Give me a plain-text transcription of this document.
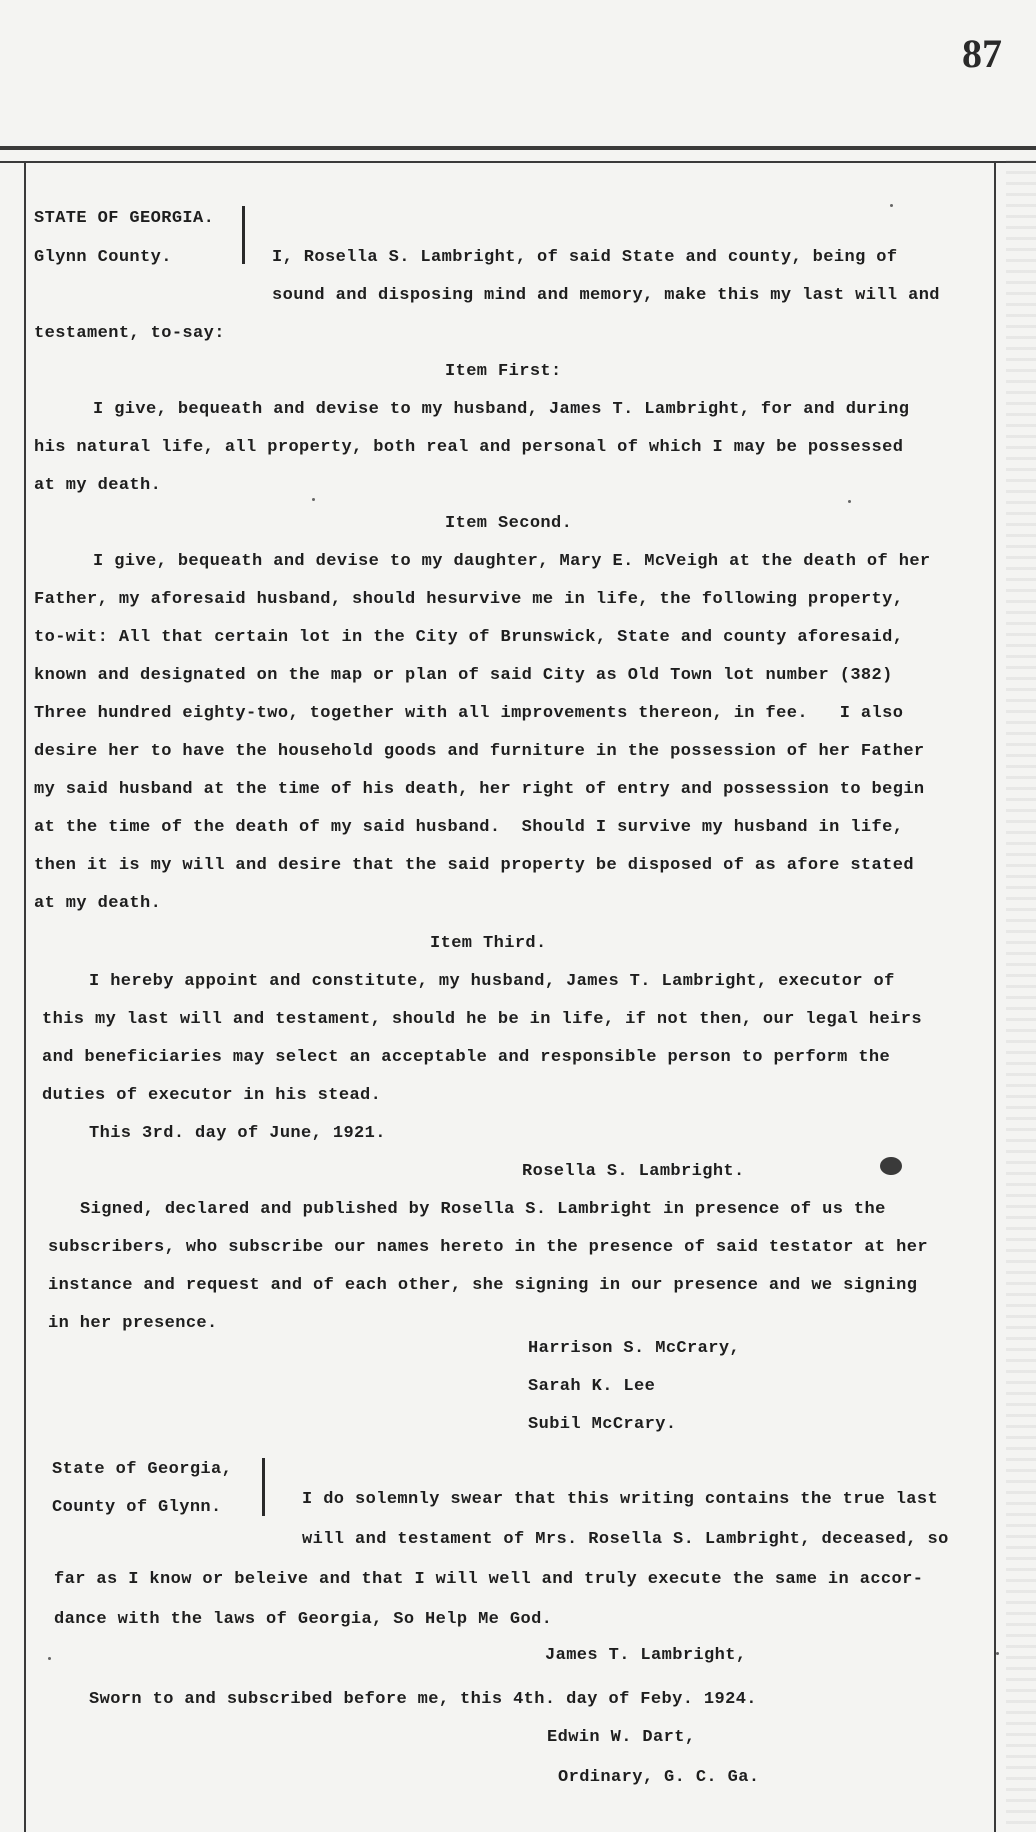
87
STATE OF GEORGIA.
Glynn County.	I, Rosella S. Lambright, of said State and county, being of
sound and disposing mind and memory, make this my last will and
testament, to-say:
Item First:
I give, bequeath and devise to my husband, James T. Lambright, for and during
his natural life, all property, both real and personal of which I may be possessed
at my death.
Item Second.
I give, bequeath and devise to my daughter, Mary E. McVeigh at the death of her
Father, my aforesaid husband, should hesurvive me in life, the following property,
to-wit: All that certain lot in the City of Brunswick, State and county aforesaid,
known and designated on the map or plan of said City as Old Town lot number (382)
Three hundred eighty-two, together with all improvements thereon, in fee.   I also
desire her to have the household goods and furniture in the possession of her Father
my said husband at the time of his death, her right of entry and possession to begin
at the time of the death of my said husband.  Should I survive my husband in life,
then it is my will and desire that the said property be disposed of as afore stated
at my death.
Item Third.
I hereby appoint and constitute, my husband, James T. Lambright, executor of
this my last will and testament, should he be in life, if not then, our legal heirs
and beneficiaries may select an acceptable and responsible person to perform the
duties of executor in his stead.
This 3rd. day of June, 1921.
Rosella S. Lambright.
Signed, declared and published by Rosella S. Lambright in presence of us the
subscribers, who subscribe our names hereto in the presence of said testator at her
instance and request and of each other, she signing in our presence and we signing
in her presence.
Harrison S. McCrary,
Sarah K. Lee
Subil McCrary.
State of Georgia,
County of Glynn.	I do solemnly swear that this writing contains the true last
will and testament of Mrs. Rosella S. Lambright, deceased, so
far as I know or beleive and that I will well and truly execute the same in accor-
dance with the laws of Georgia, So Help Me God.
James T. Lambright,
Sworn to and subscribed before me, this 4th. day of Feby. 1924.
Edwin W. Dart,
Ordinary, G. C. Ga.
